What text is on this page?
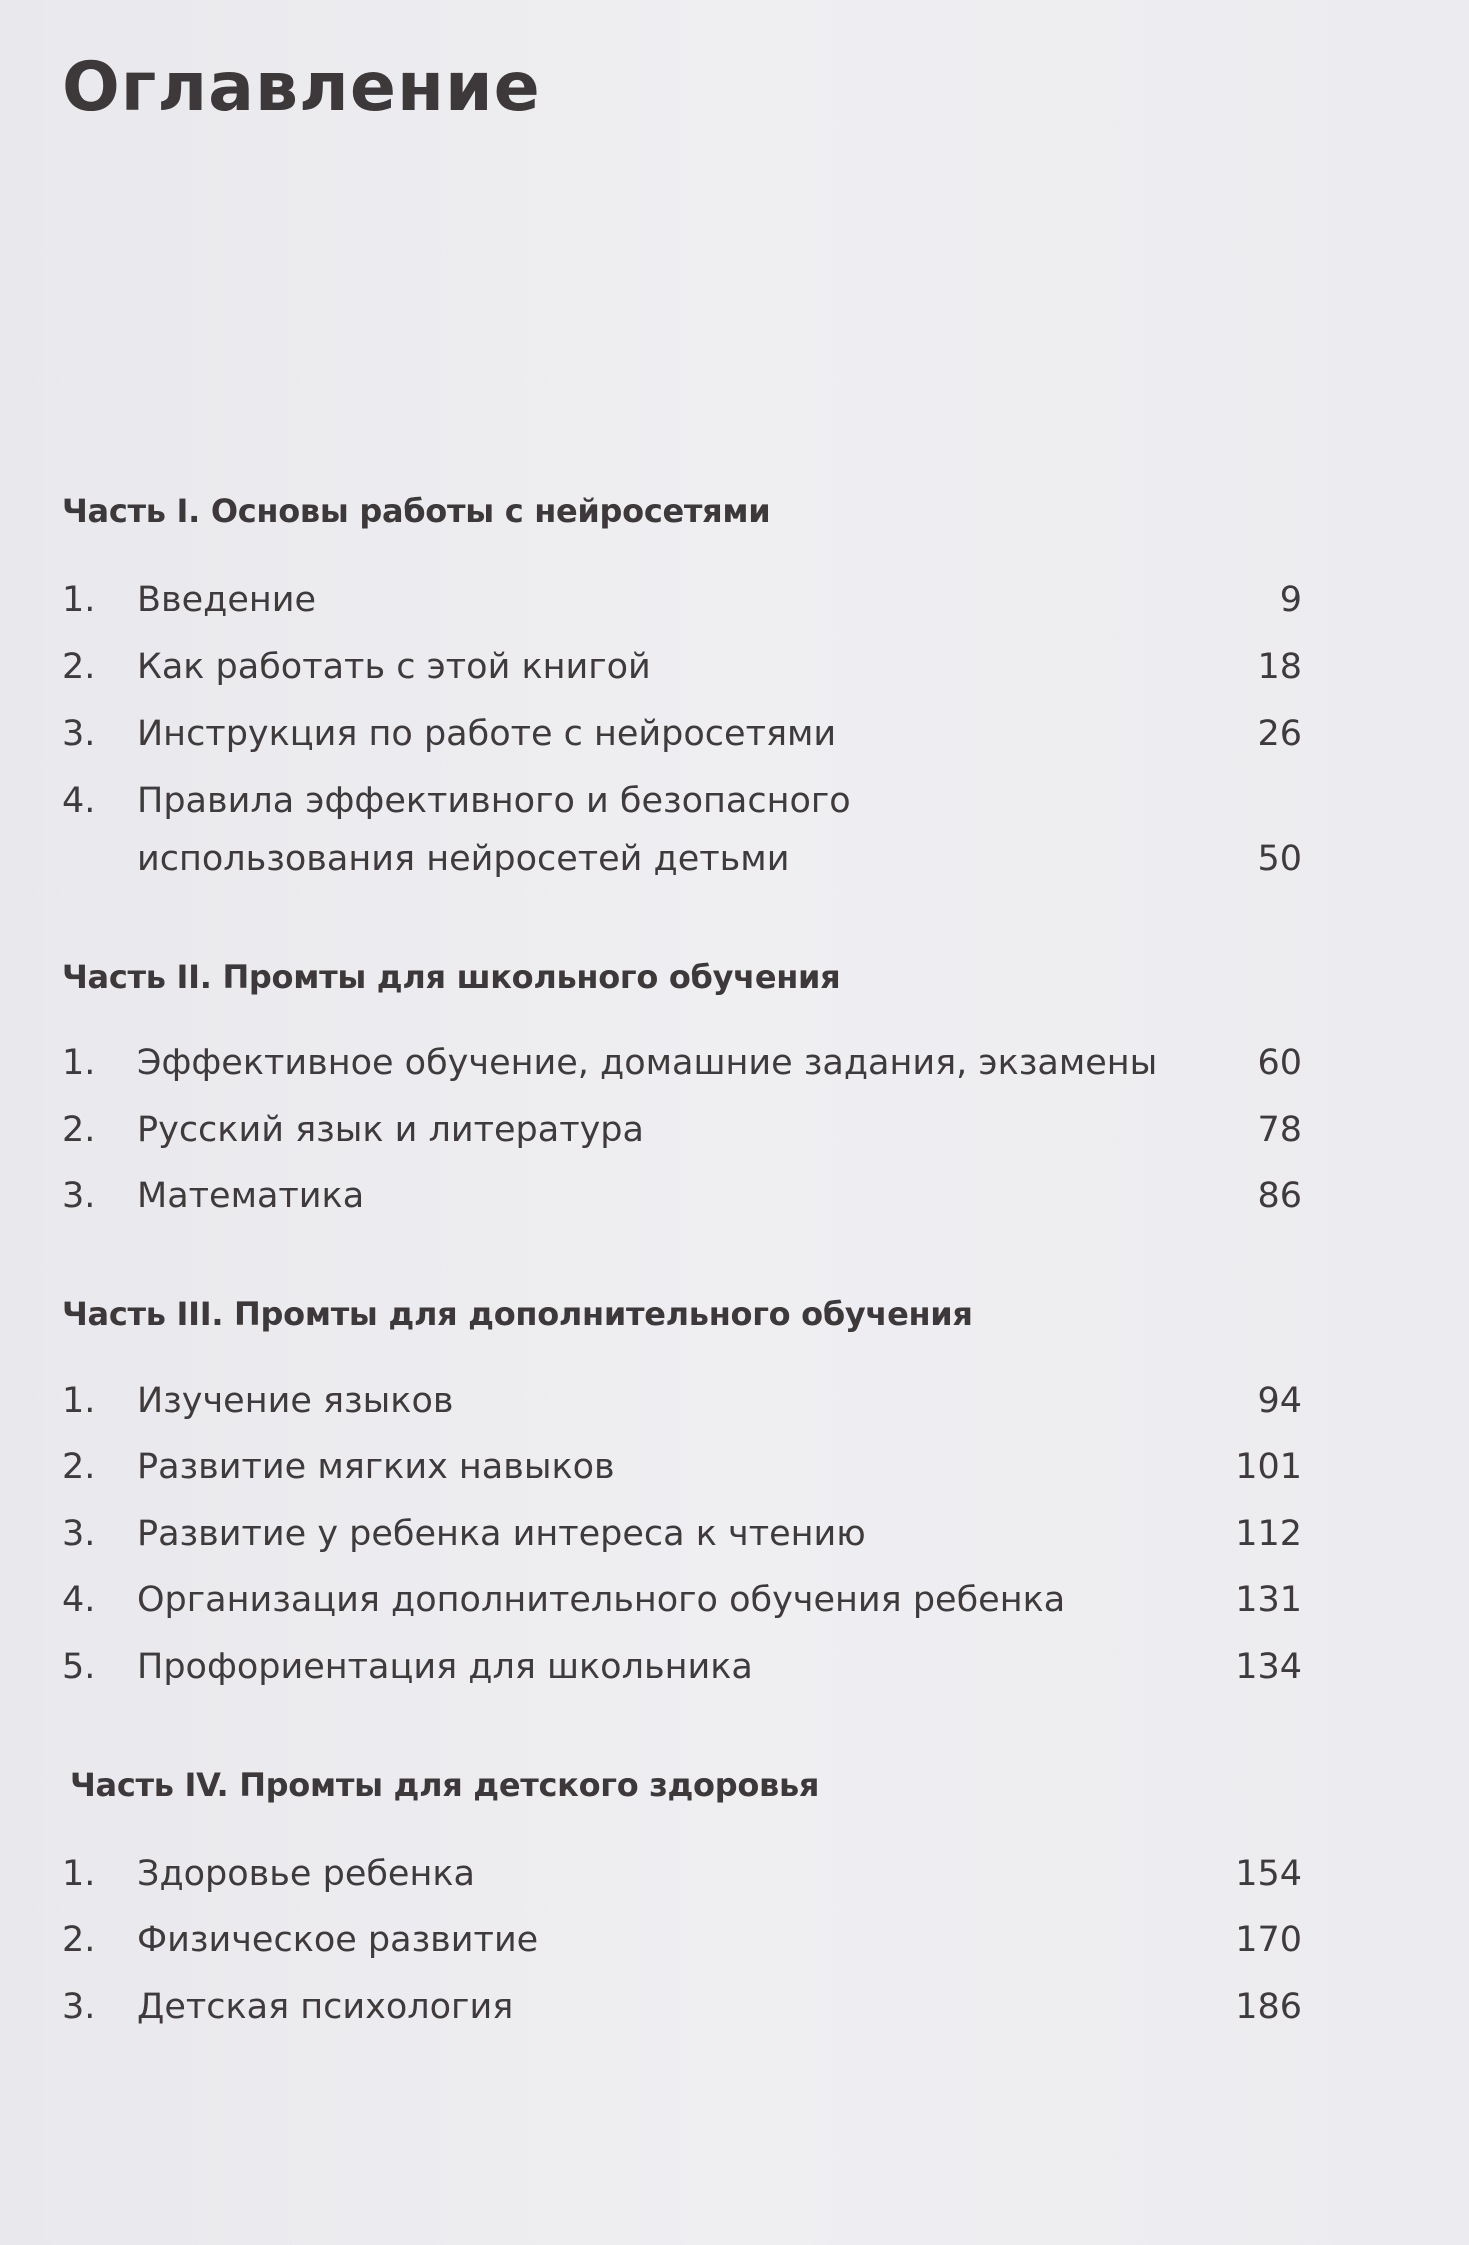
Оглавление
Часть I. Основы работы с нейросетями
1. Введение	9
2. Как работать с этой книгой	18
3. Инструкция по работе с нейросетями	26
4. Правила эффективного и безопасного
использования нейросетей детьми	50
Часть II. Промты для школьного обучения
1. Эффективное обучение, домашние задания, экзамены	60
2. Русский язык и литература	78
3. Математика	86
Часть III. Промты для дополнительного обучения
1. Изучение языков	94
2. Развитие мягких навыков	101
3. Развитие у ребенка интереса к чтению	112
4. Организация дополнительного обучения ребенка	131
5. Профориентация для школьника	134
Часть IV. Промты для детского здоровья
1. Здоровье ребенка	154
2. Физическое развитие	170
3. Детская психология	186
